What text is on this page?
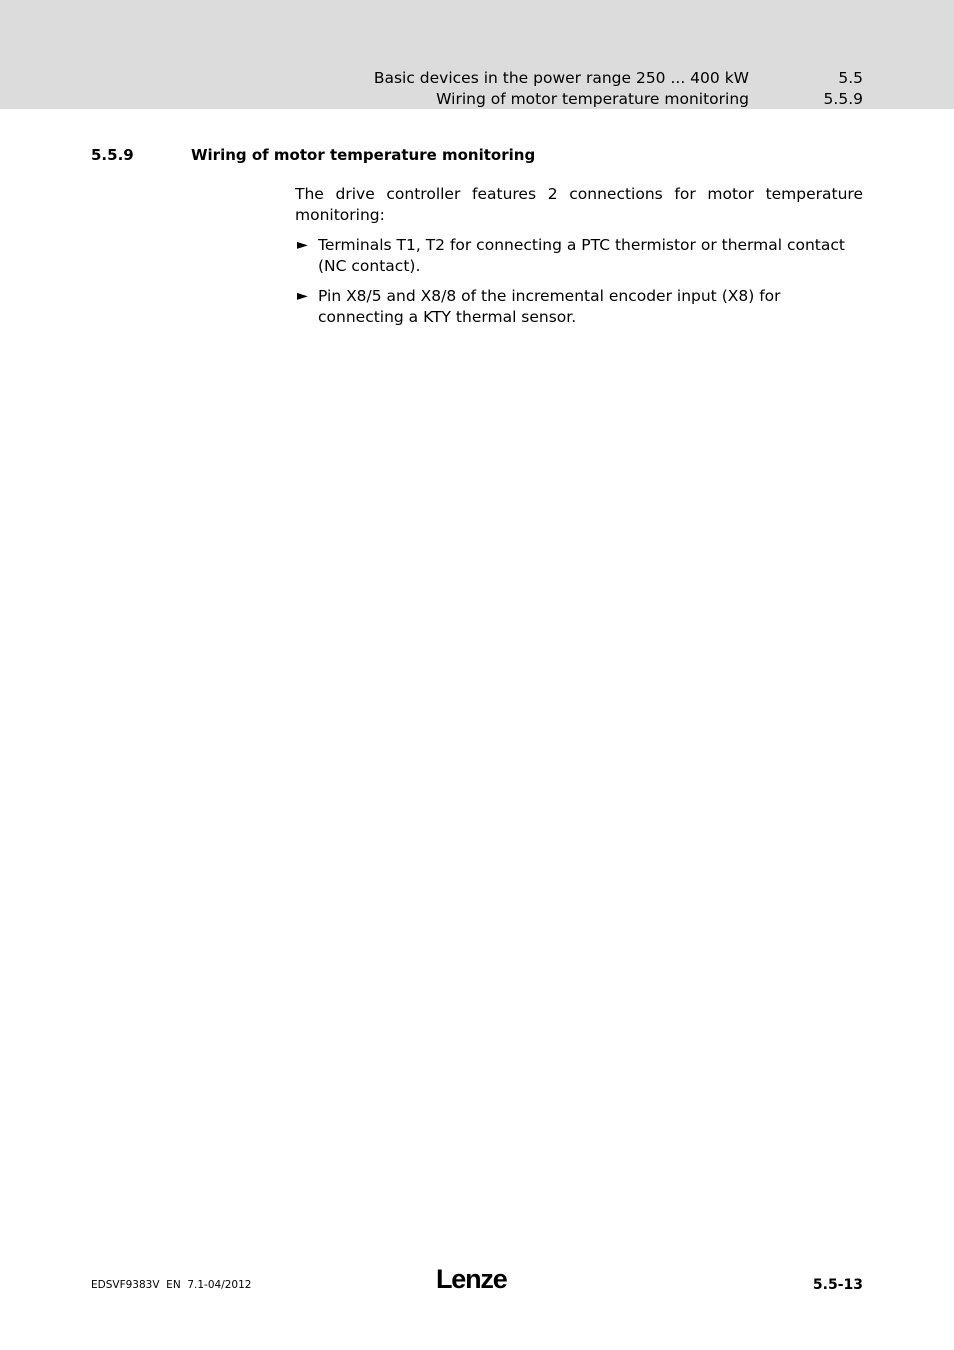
Basic devices in the power range 250 ... 400 kW	5.5
Wiring of motor temperature monitoring	5.5.9
5.5.9	Wiring of motor temperature monitoring

The drive controller features 2 connections for motor temperature monitoring:

► Terminals T1, T2 for connecting a PTC thermistor or thermal contact (NC contact).
► Pin X8/5 and X8/8 of the incremental encoder input (X8) for connecting a KTY thermal sensor.
EDSVF9383V  EN  7.1-04/2012	Lenze	5.5-13
